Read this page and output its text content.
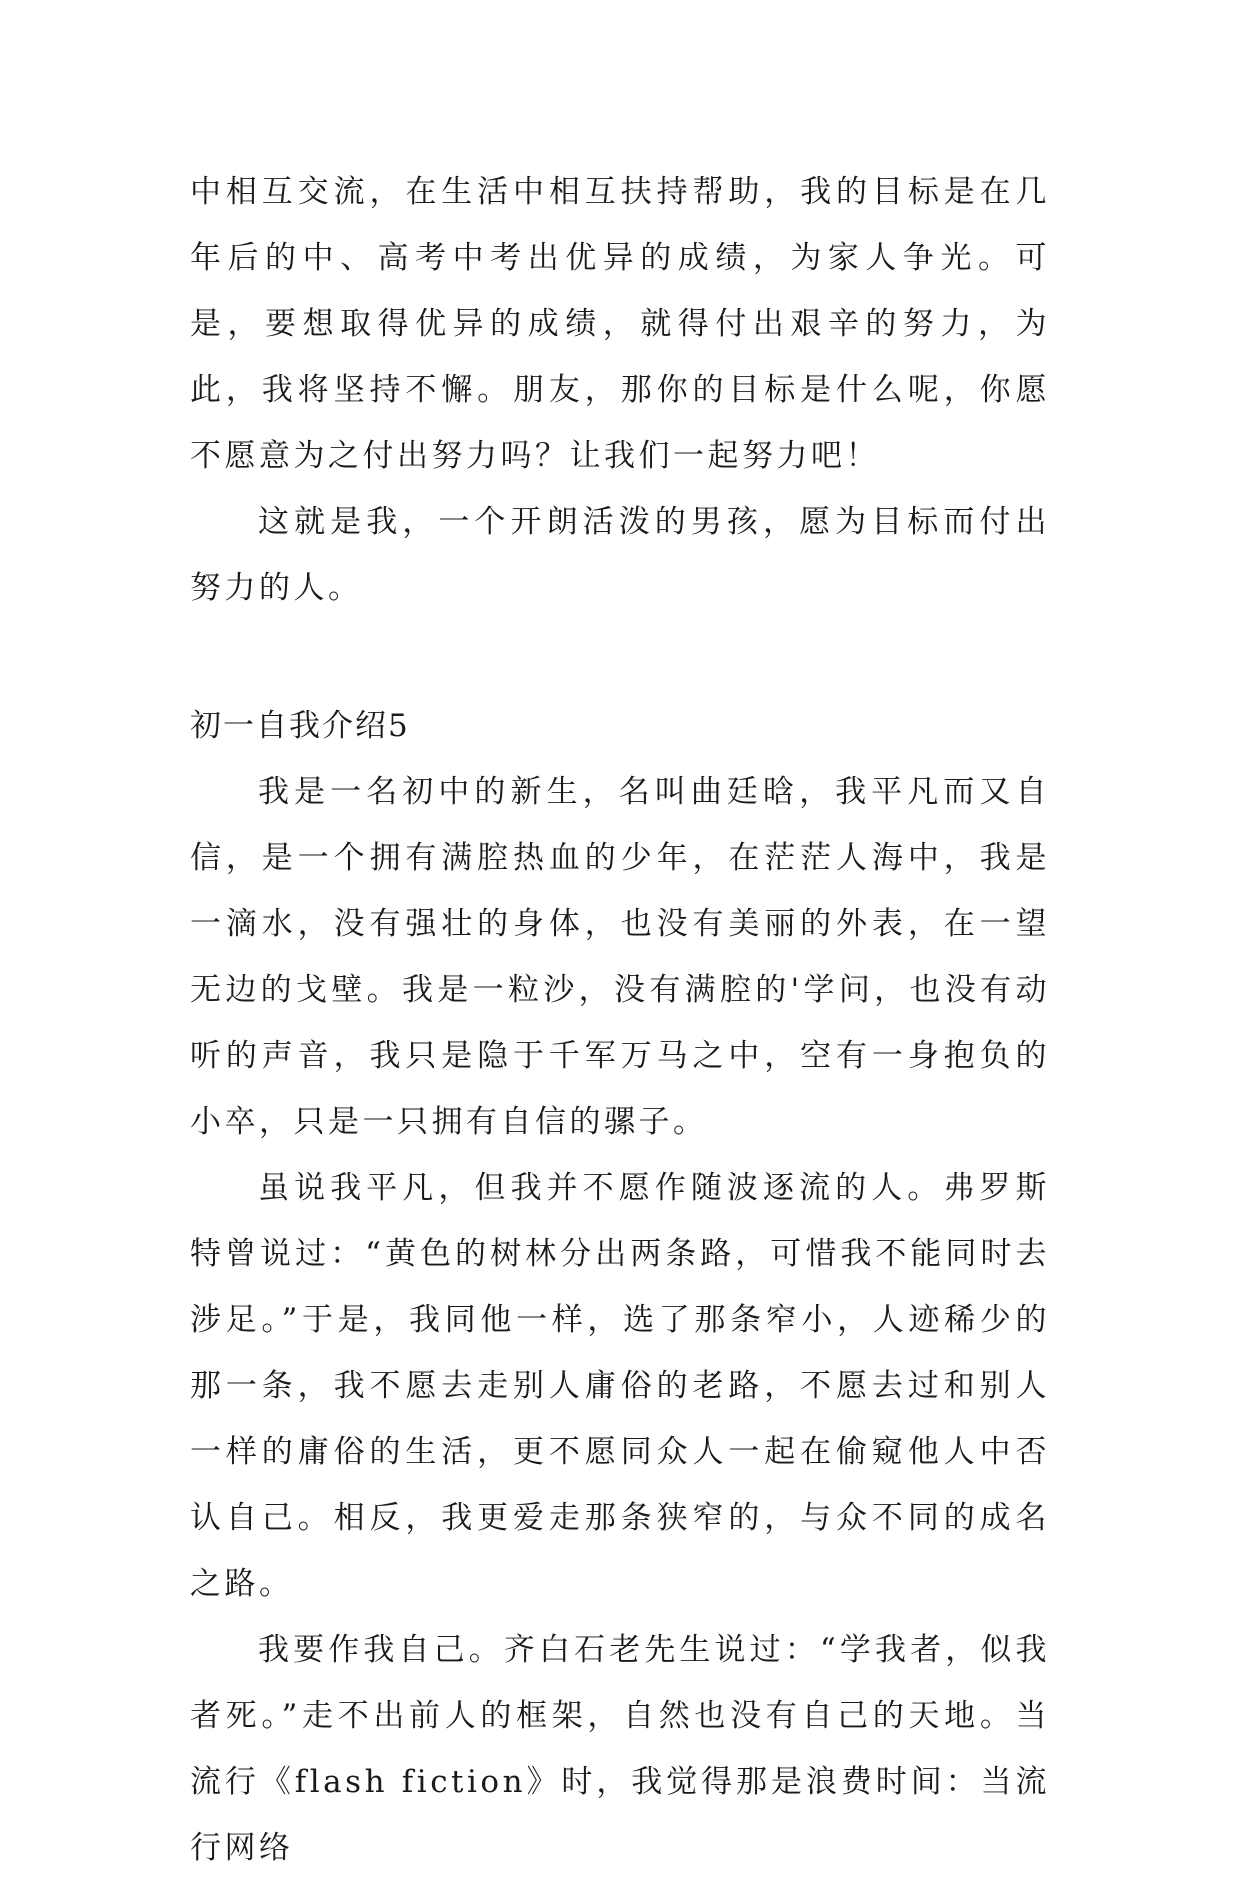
中相互交流，在生活中相互扶持帮助，我的目标是在几年后的中、高考中考出优异的成绩，为家人争光。可是，要想取得优异的成绩，就得付出艰辛的努力，为此，我将坚持不懈。朋友，那你的目标是什么呢，你愿不愿意为之付出努力吗？让我们一起努力吧！

这就是我，一个开朗活泼的男孩，愿为目标而付出努力的人。

初一自我介绍5

我是一名初中的新生，名叫曲廷晗，我平凡而又自信，是一个拥有满腔热血的少年，在茫茫人海中，我是一滴水，没有强壮的身体，也没有美丽的外表，在一望无边的戈壁。我是一粒沙，没有满腔的'学问，也没有动听的声音，我只是隐于千军万马之中，空有一身抱负的小卒，只是一只拥有自信的骡子。

虽说我平凡，但我并不愿作随波逐流的人。弗罗斯特曾说过：“黄色的树林分出两条路，可惜我不能同时去涉足。”于是，我同他一样，选了那条窄小，人迹稀少的那一条，我不愿去走别人庸俗的老路，不愿去过和别人一样的庸俗的生活，更不愿同众人一起在偷窥他人中否认自己。相反，我更爱走那条狭窄的，与众不同的成名之路。

我要作我自己。齐白石老先生说过：“学我者，似我者死。”走不出前人的框架，自然也没有自己的天地。当流行《flash fiction》时，我觉得那是浪费时间：当流行网络
